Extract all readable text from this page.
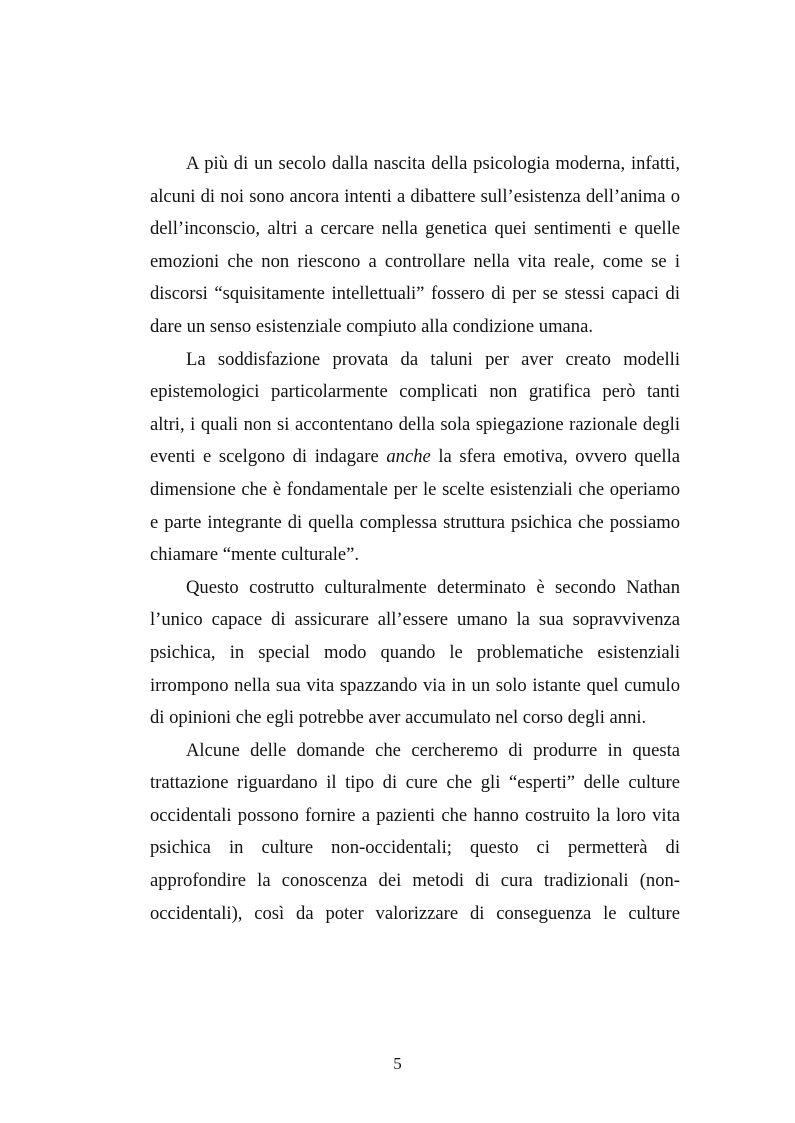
A più di un secolo dalla nascita della psicologia moderna, infatti,
alcuni di noi sono ancora intenti a dibattere sull’esistenza dell’anima o
dell’inconscio, altri a cercare nella genetica quei sentimenti e quelle
emozioni che non riescono a controllare nella vita reale, come se i
discorsi “squisitamente intellettuali” fossero di per se stessi capaci di
dare un senso esistenziale compiuto alla condizione umana.
La soddisfazione provata da taluni per aver creato modelli
epistemologici particolarmente complicati non gratifica però tanti
altri, i quali non si accontentano della sola spiegazione razionale degli
eventi e scelgono di indagare anche la sfera emotiva, ovvero quella
dimensione che è fondamentale per le scelte esistenziali che operiamo
e parte integrante di quella complessa struttura psichica che possiamo
chiamare “mente culturale”.
Questo costrutto culturalmente determinato è secondo Nathan
l’unico capace di assicurare all’essere umano la sua sopravvivenza
psichica, in special modo quando le problematiche esistenziali
irrompono nella sua vita spazzando via in un solo istante quel cumulo
di opinioni che egli potrebbe aver accumulato nel corso degli anni.
Alcune delle domande che cercheremo di produrre in questa
trattazione riguardano il tipo di cure che gli “esperti” delle culture
occidentali possono fornire a pazienti che hanno costruito la loro vita
psichica in culture non-occidentali; questo ci permetterà di
approfondire la conoscenza dei metodi di cura tradizionali (non-
occidentali), così da poter valorizzare di conseguenza le culture
5
